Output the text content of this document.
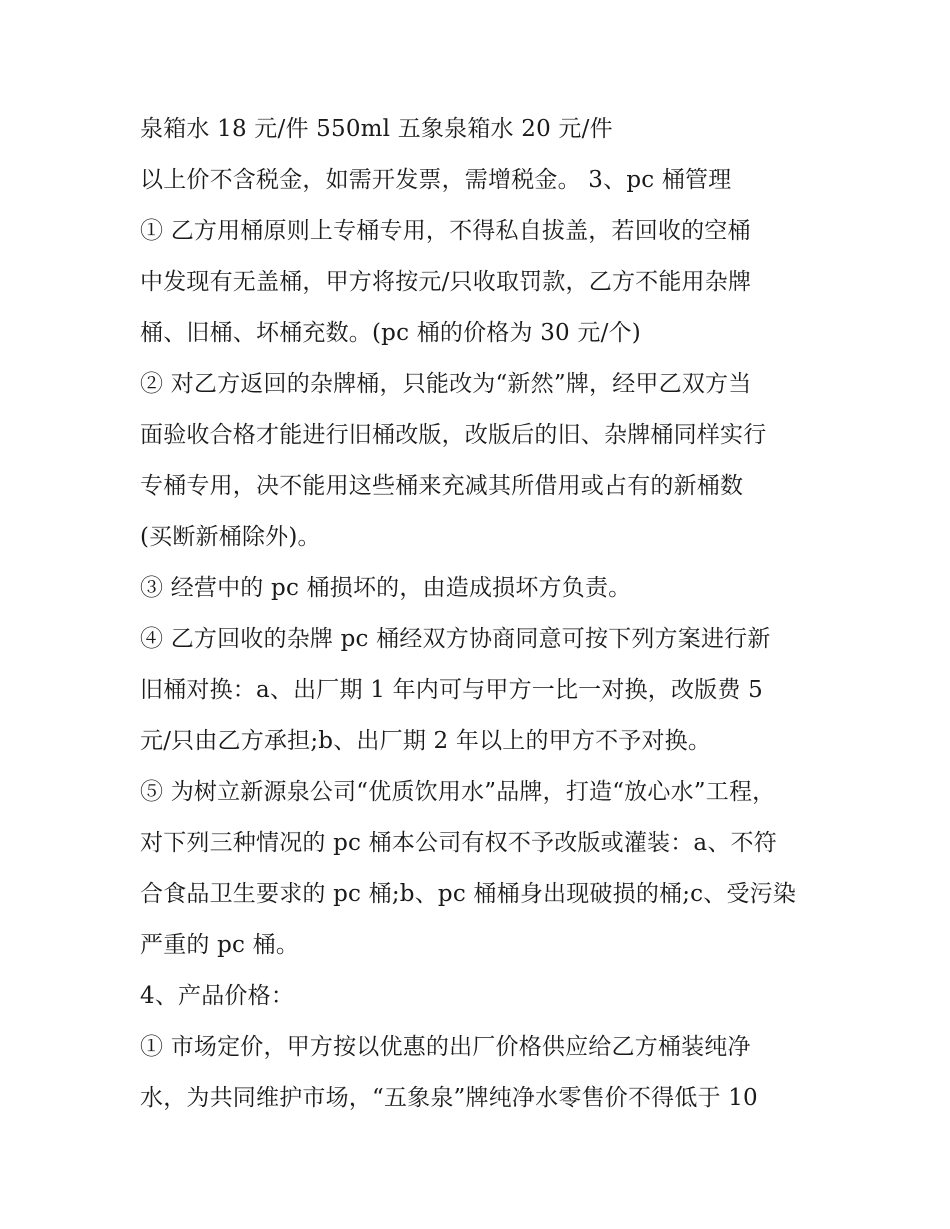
泉箱水 18 元/件 550ml 五象泉箱水 20 元/件
以上价不含税金，如需开发票，需增税金。 3、pc 桶管理
① 乙方用桶原则上专桶专用，不得私自拔盖，若回收的空桶
中发现有无盖桶，甲方将按元/只收取罚款，乙方不能用杂牌
桶、旧桶、坏桶充数。(pc 桶的价格为 30 元/个)
② 对乙方返回的杂牌桶，只能改为“新然”牌，经甲乙双方当
面验收合格才能进行旧桶改版，改版后的旧、杂牌桶同样实行
专桶专用，决不能用这些桶来充减其所借用或占有的新桶数
(买断新桶除外)。
③ 经营中的 pc 桶损坏的，由造成损坏方负责。
④ 乙方回收的杂牌 pc 桶经双方协商同意可按下列方案进行新
旧桶对换：a、出厂期 1 年内可与甲方一比一对换，改版费 5
元/只由乙方承担;b、出厂期 2 年以上的甲方不予对换。
⑤ 为树立新源泉公司“优质饮用水”品牌，打造“放心水”工程，
对下列三种情况的 pc 桶本公司有权不予改版或灌装：a、不符
合食品卫生要求的 pc 桶;b、pc 桶桶身出现破损的桶;c、受污染
严重的 pc 桶。
4、产品价格：
① 市场定价，甲方按以优惠的出厂价格供应给乙方桶装纯净
水，为共同维护市场，“五象泉”牌纯净水零售价不得低于 10
